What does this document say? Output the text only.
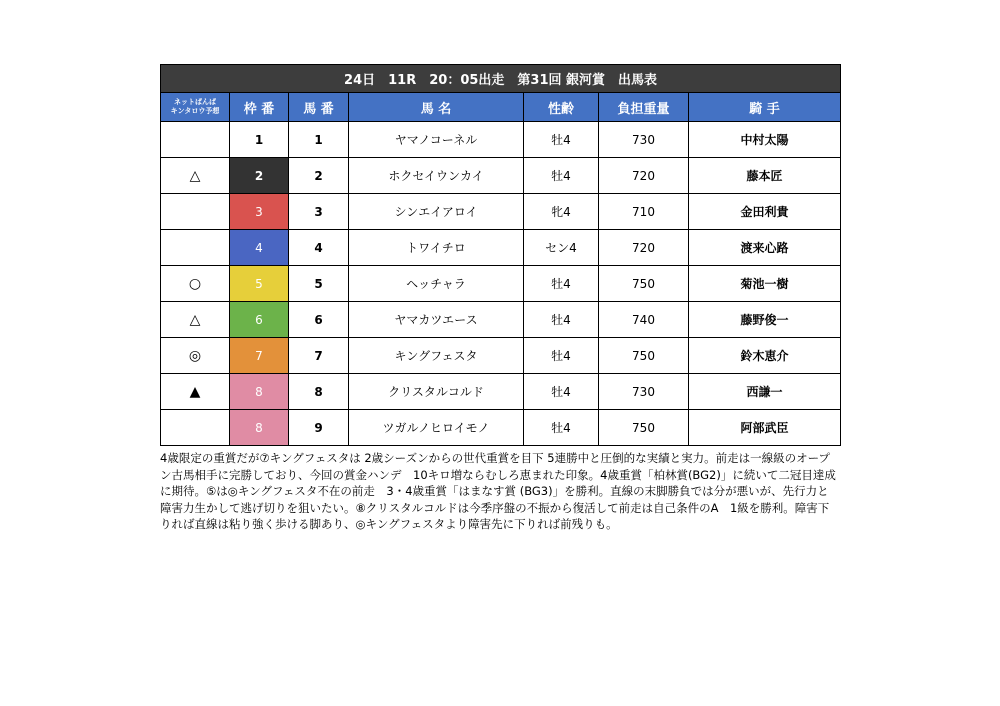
24日　11R　20：05出走　第31回 銀河賞　出馬表						
ネットぱんぱ
キンタロウ予想	枠 番	馬 番	馬 名	性齢	負担重量	騎 手
	1	1	ヤマノコーネル	牡4	730	中村太陽
△	2	2	ホクセイウンカイ	牡4	720	藤本匠
	3	3	シンエイアロイ	牝4	710	金田利貴
	4	4	トワイチロ	セン4	720	渡来心路
○	5	5	ヘッチャラ	牡4	750	菊池一樹
△	6	6	ヤマカツエース	牡4	740	藤野俊一
◎	7	7	キングフェスタ	牡4	750	鈴木恵介
▲	8	8	クリスタルコルド	牡4	730	西謙一
	8	9	ツガルノヒロイモノ	牡4	750	阿部武臣
4歳限定の重賞だが⑦キングフェスタは 2歳シーズンからの世代重賞を目下 5連勝中と圧倒的な実績と実力。前走は一線級のオープン古馬相手に完勝しており、今回の賞金ハンデ　10キロ増ならむしろ恵まれた印象。4歳重賞「柏林賞(BG2)」に続いて二冠目達成に期待。⑤は◎キングフェスタ不在の前走　3・4歳重賞「はまなす賞 (BG3)」を勝利。直線の末脚勝負では分が悪いが、先行力と障害力生かして逃げ切りを狙いたい。⑧クリスタルコルドは今季序盤の不振から復活して前走は自己条件のA　1級を勝利。障害下りれば直線は粘り強く歩ける脚あり、◎キングフェスタより障害先に下りれば前残りも。
